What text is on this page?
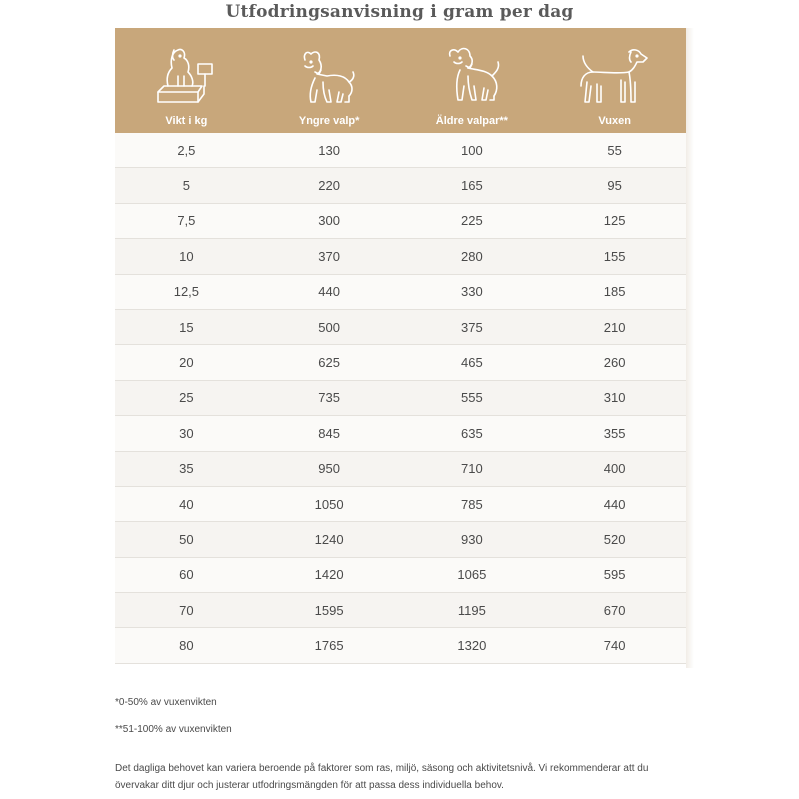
Utfodringsanvisning i gram per dag
Vikt i kg	Yngre valp*	Äldre valpar**	Vuxen
2,5	130	100	55
5	220	165	95
7,5	300	225	125
10	370	280	155
12,5	440	330	185
15	500	375	210
20	625	465	260
25	735	555	310
30	845	635	355
35	950	710	400
40	1050	785	440
50	1240	930	520
60	1420	1065	595
70	1595	1195	670
80	1765	1320	740
*0-50% av vuxenvikten
**51-100% av vuxenvikten
Det dagliga behovet kan variera beroende på faktorer som ras, miljö, säsong och aktivitetsnivå. Vi rekommenderar att du övervakar ditt djur och justerar utfodringsmängden för att passa dess individuella behov.
